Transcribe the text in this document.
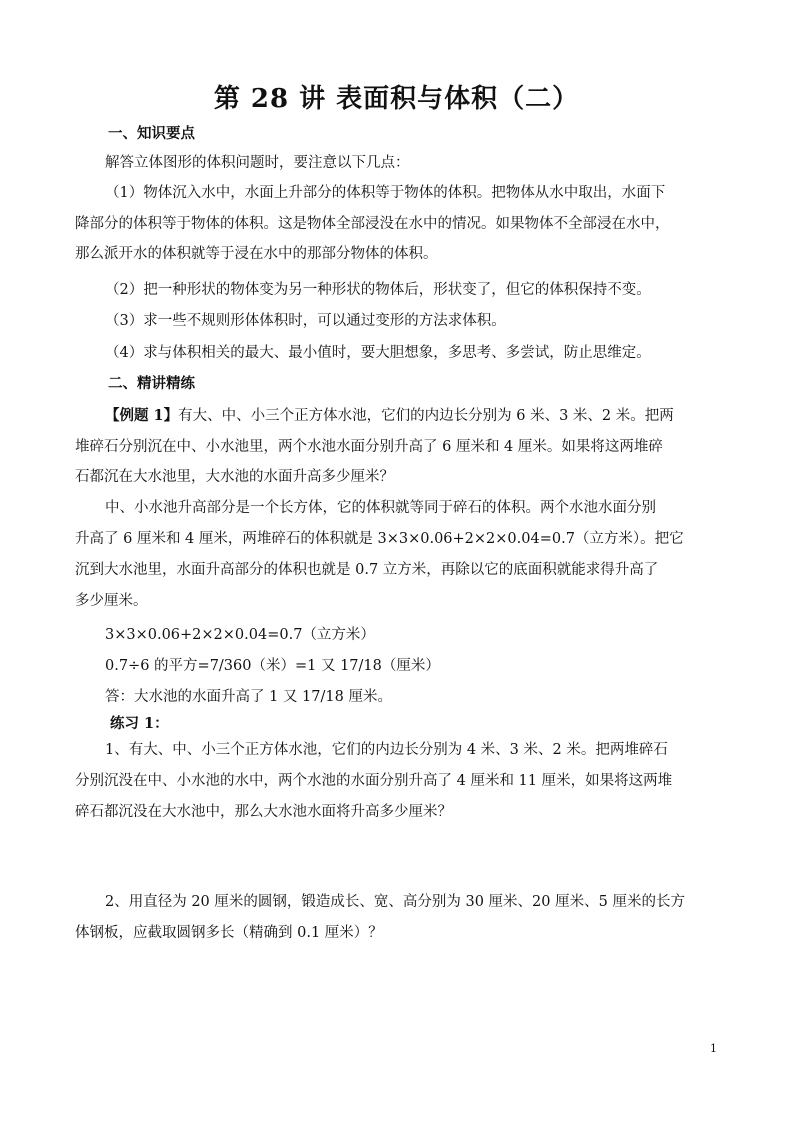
第 28 讲 表面积与体积（二）
一、知识要点
解答立体图形的体积问题时，要注意以下几点：
（1）物体沉入水中，水面上升部分的体积等于物体的体积。把物体从水中取出，水面下
降部分的体积等于物体的体积。这是物体全部浸没在水中的情况。如果物体不全部浸在水中，
那么派开水的体积就等于浸在水中的那部分物体的体积。
（2）把一种形状的物体变为另一种形状的物体后，形状变了，但它的体积保持不变。
（3）求一些不规则形体体积时，可以通过变形的方法求体积。
（4）求与体积相关的最大、最小值时，要大胆想象，多思考、多尝试，防止思维定。
二、精讲精练
【例题 1】有大、中、小三个正方体水池，它们的内边长分别为 6 米、3 米、2 米。把两
堆碎石分别沉在中、小水池里，两个水池水面分别升高了 6 厘米和 4 厘米。如果将这两堆碎
石都沉在大水池里，大水池的水面升高多少厘米？
中、小水池升高部分是一个长方体，它的体积就等同于碎石的体积。两个水池水面分别
升高了 6 厘米和 4 厘米，两堆碎石的体积就是 3×3×0.06+2×2×0.04=0.7（立方米）。把它
沉到大水池里，水面升高部分的体积也就是 0.7 立方米，再除以它的底面积就能求得升高了
多少厘米。
3×3×0.06+2×2×0.04=0.7（立方米）
0.7÷6 的平方=7/360（米）=1 又 17/18（厘米）
答：大水池的水面升高了 1 又 17/18 厘米。
练习 1：
1、有大、中、小三个正方体水池，它们的内边长分别为 4 米、3 米、2 米。把两堆碎石
分别沉没在中、小水池的水中，两个水池的水面分别升高了 4 厘米和 11 厘米，如果将这两堆
碎石都沉没在大水池中，那么大水池水面将升高多少厘米？
2、用直径为 20 厘米的圆钢，锻造成长、宽、高分别为 30 厘米、20 厘米、5 厘米的长方
体钢板，应截取圆钢多长（精确到 0.1 厘米）？
1
